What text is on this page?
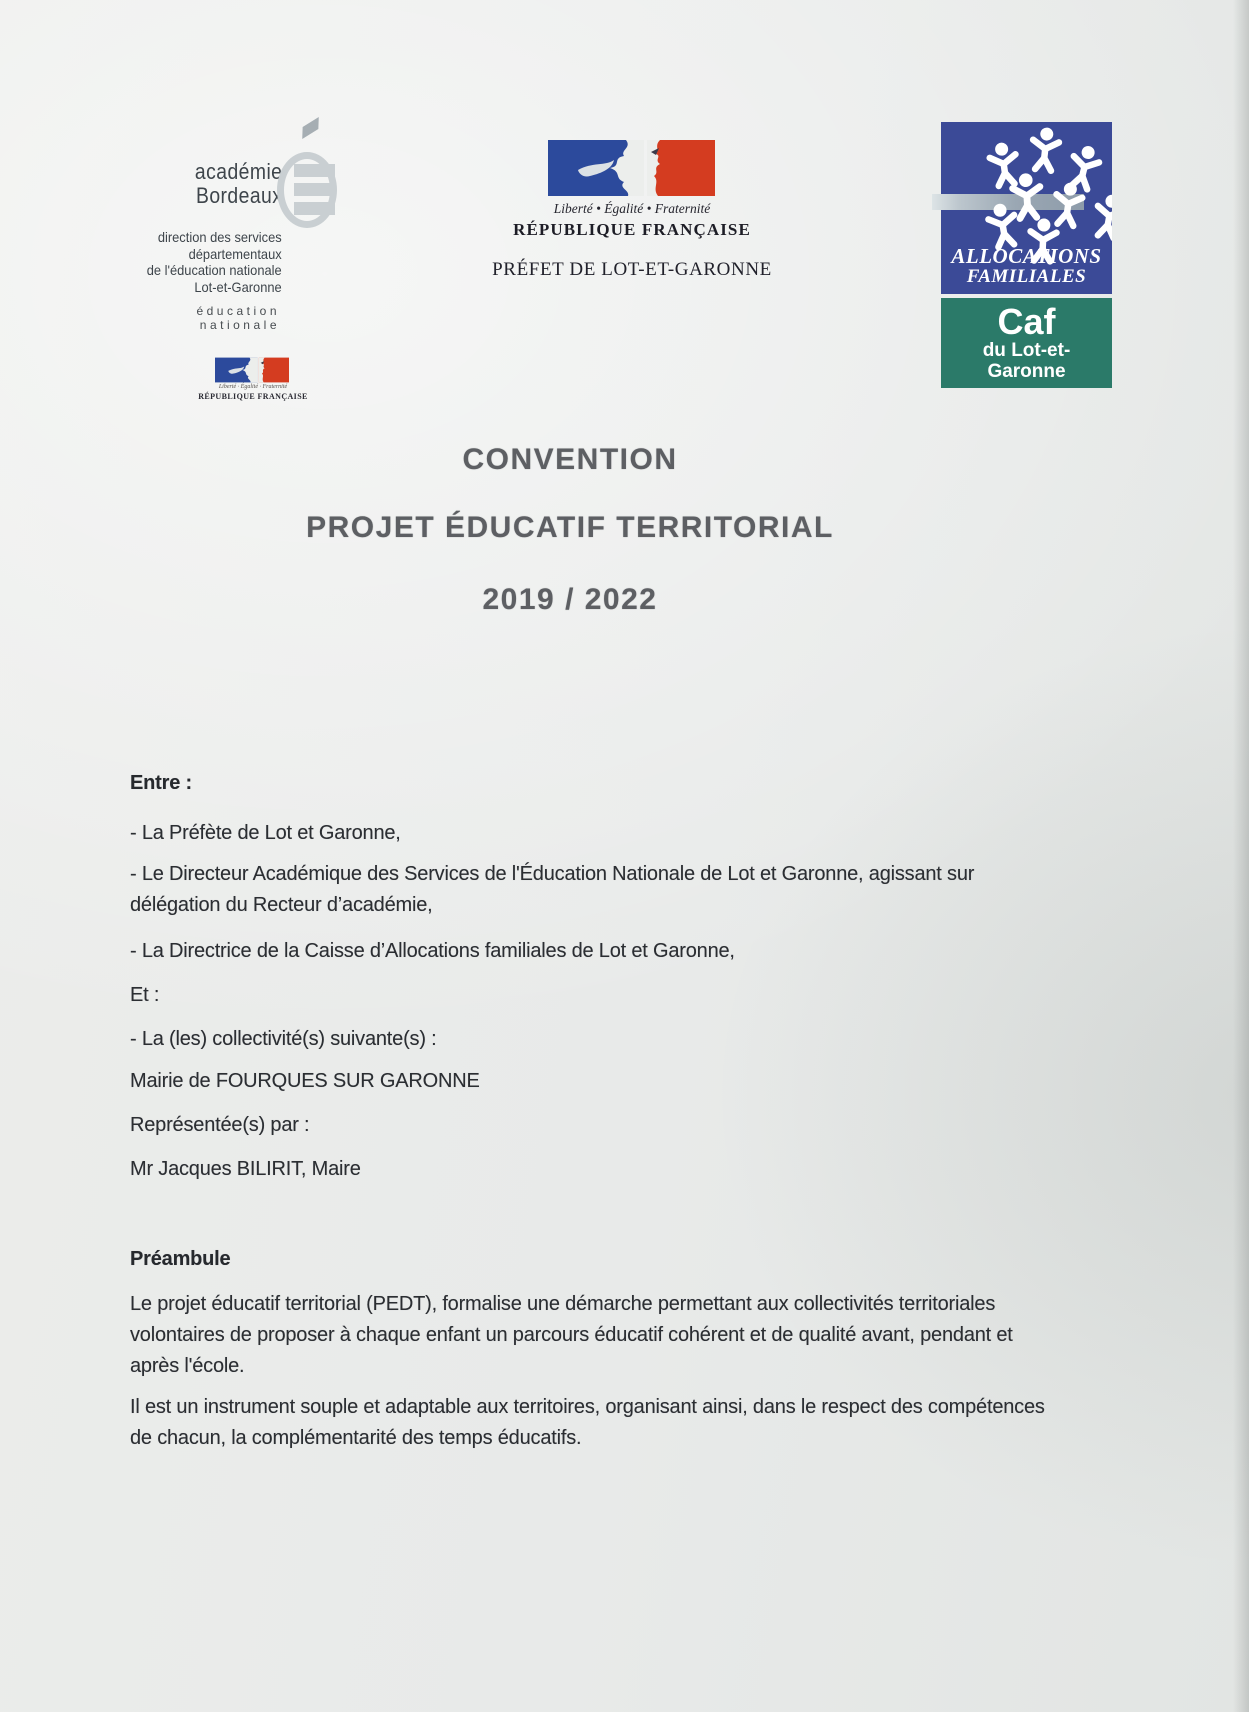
académie
Bordeaux
direction des services
départementaux
de l'éducation nationale
Lot-et-Garonne
éducation
nationale
Liberté · Égalité · Fraternité
RÉPUBLIQUE FRANÇAISE
Liberté • Égalité • Fraternité
RÉPUBLIQUE FRANÇAISE
PRÉFET DE LOT-ET-GARONNE
ALLOCATIONS
FAMILIALES
Caf
du Lot-et-
Garonne
CONVENTION
PROJET ÉDUCATIF TERRITORIAL
2019 / 2022
Entre :
- La Préfète de Lot et Garonne,
- Le Directeur Académique des Services de l'Éducation Nationale de Lot et Garonne, agissant sur délégation du Recteur d’académie,
- La Directrice de la Caisse d’Allocations familiales de Lot et Garonne,
Et :
- La (les) collectivité(s) suivante(s) :
Mairie de FOURQUES SUR GARONNE
Représentée(s) par :
Mr Jacques BILIRIT, Maire
Préambule
Le projet éducatif territorial (PEDT), formalise une démarche permettant aux collectivités territoriales volontaires de proposer à chaque enfant un parcours éducatif cohérent et de qualité avant, pendant et après l'école.
Il est un instrument souple et adaptable aux territoires, organisant ainsi, dans le respect des compétences de chacun, la complémentarité des temps éducatifs.
